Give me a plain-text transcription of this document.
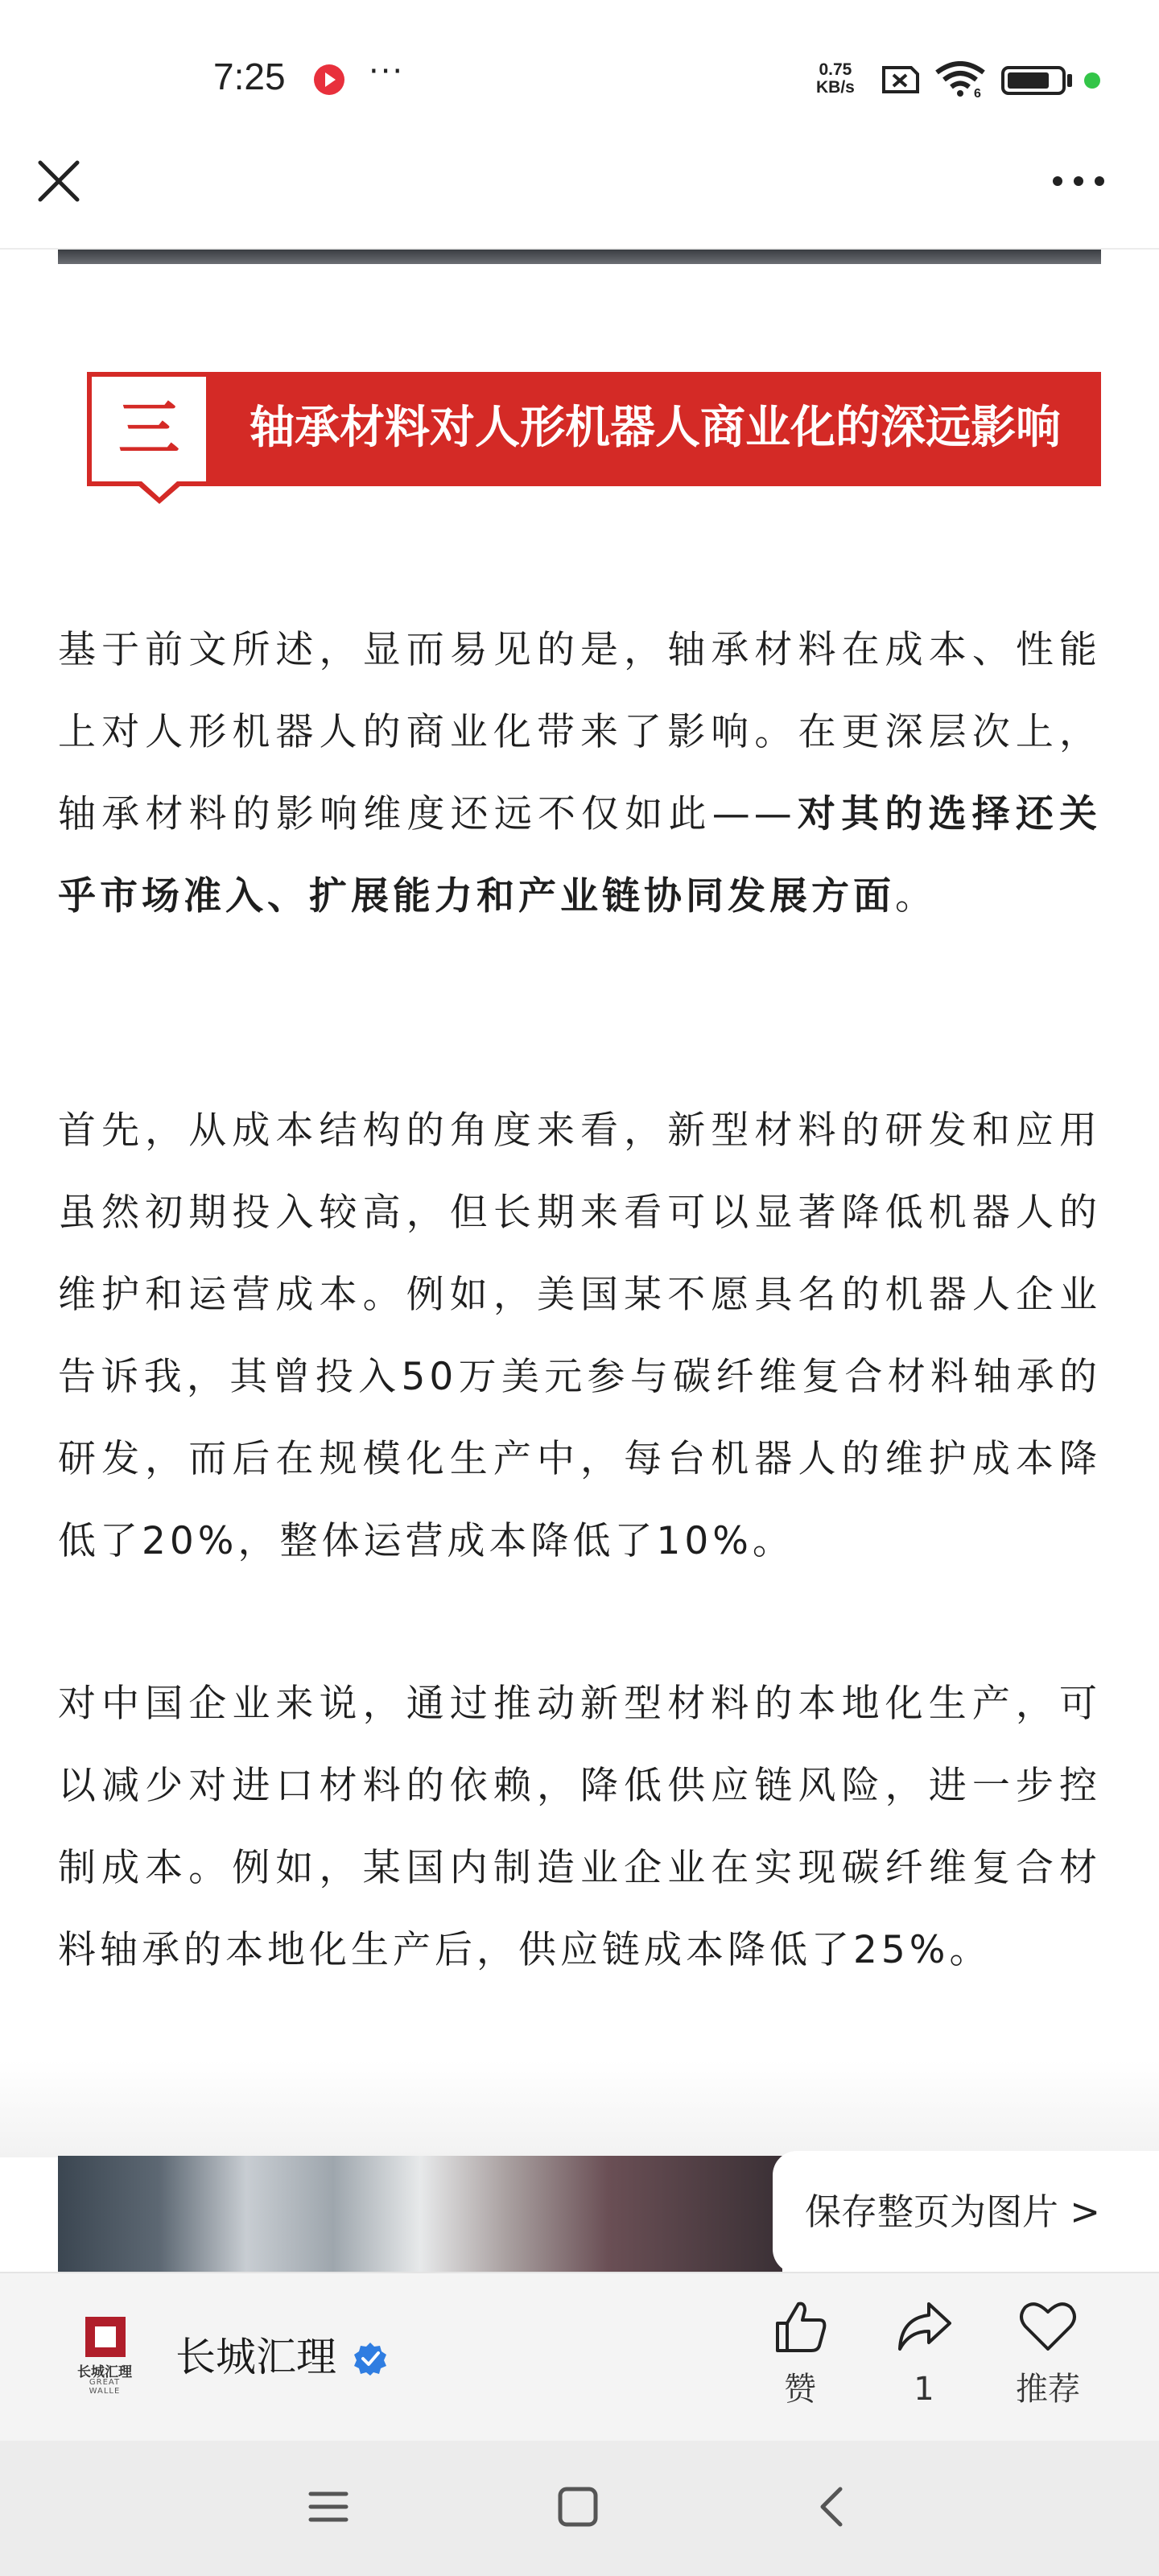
7:25	···	0.75
KB/s	6
三	轴承材料对人形机器人商业化的深远影响

基于前文所述，显而易见的是，轴承材料在成本、性能上对人形机器人的商业化带来了影响。在更深层次上，轴承材料的影响维度还远不仅如此——对其的选择还关乎市场准入、扩展能力和产业链协同发展方面。

首先，从成本结构的角度来看，新型材料的研发和应用虽然初期投入较高，但长期来看可以显著降低机器人的维护和运营成本。例如，美国某不愿具名的机器人企业告诉我，其曾投入50万美元参与碳纤维复合材料轴承的研发，而后在规模化生产中，每台机器人的维护成本降低了20%，整体运营成本降低了10%。

对中国企业来说，通过推动新型材料的本地化生产，可以减少对进口材料的依赖，降低供应链风险，进一步控制成本。例如，某国内制造业企业在实现碳纤维复合材料轴承的本地化生产后，供应链成本降低了25%。

保存整页为图片 >
长城汇理
GREAT WALLE
长城汇理
赞	1	推荐
